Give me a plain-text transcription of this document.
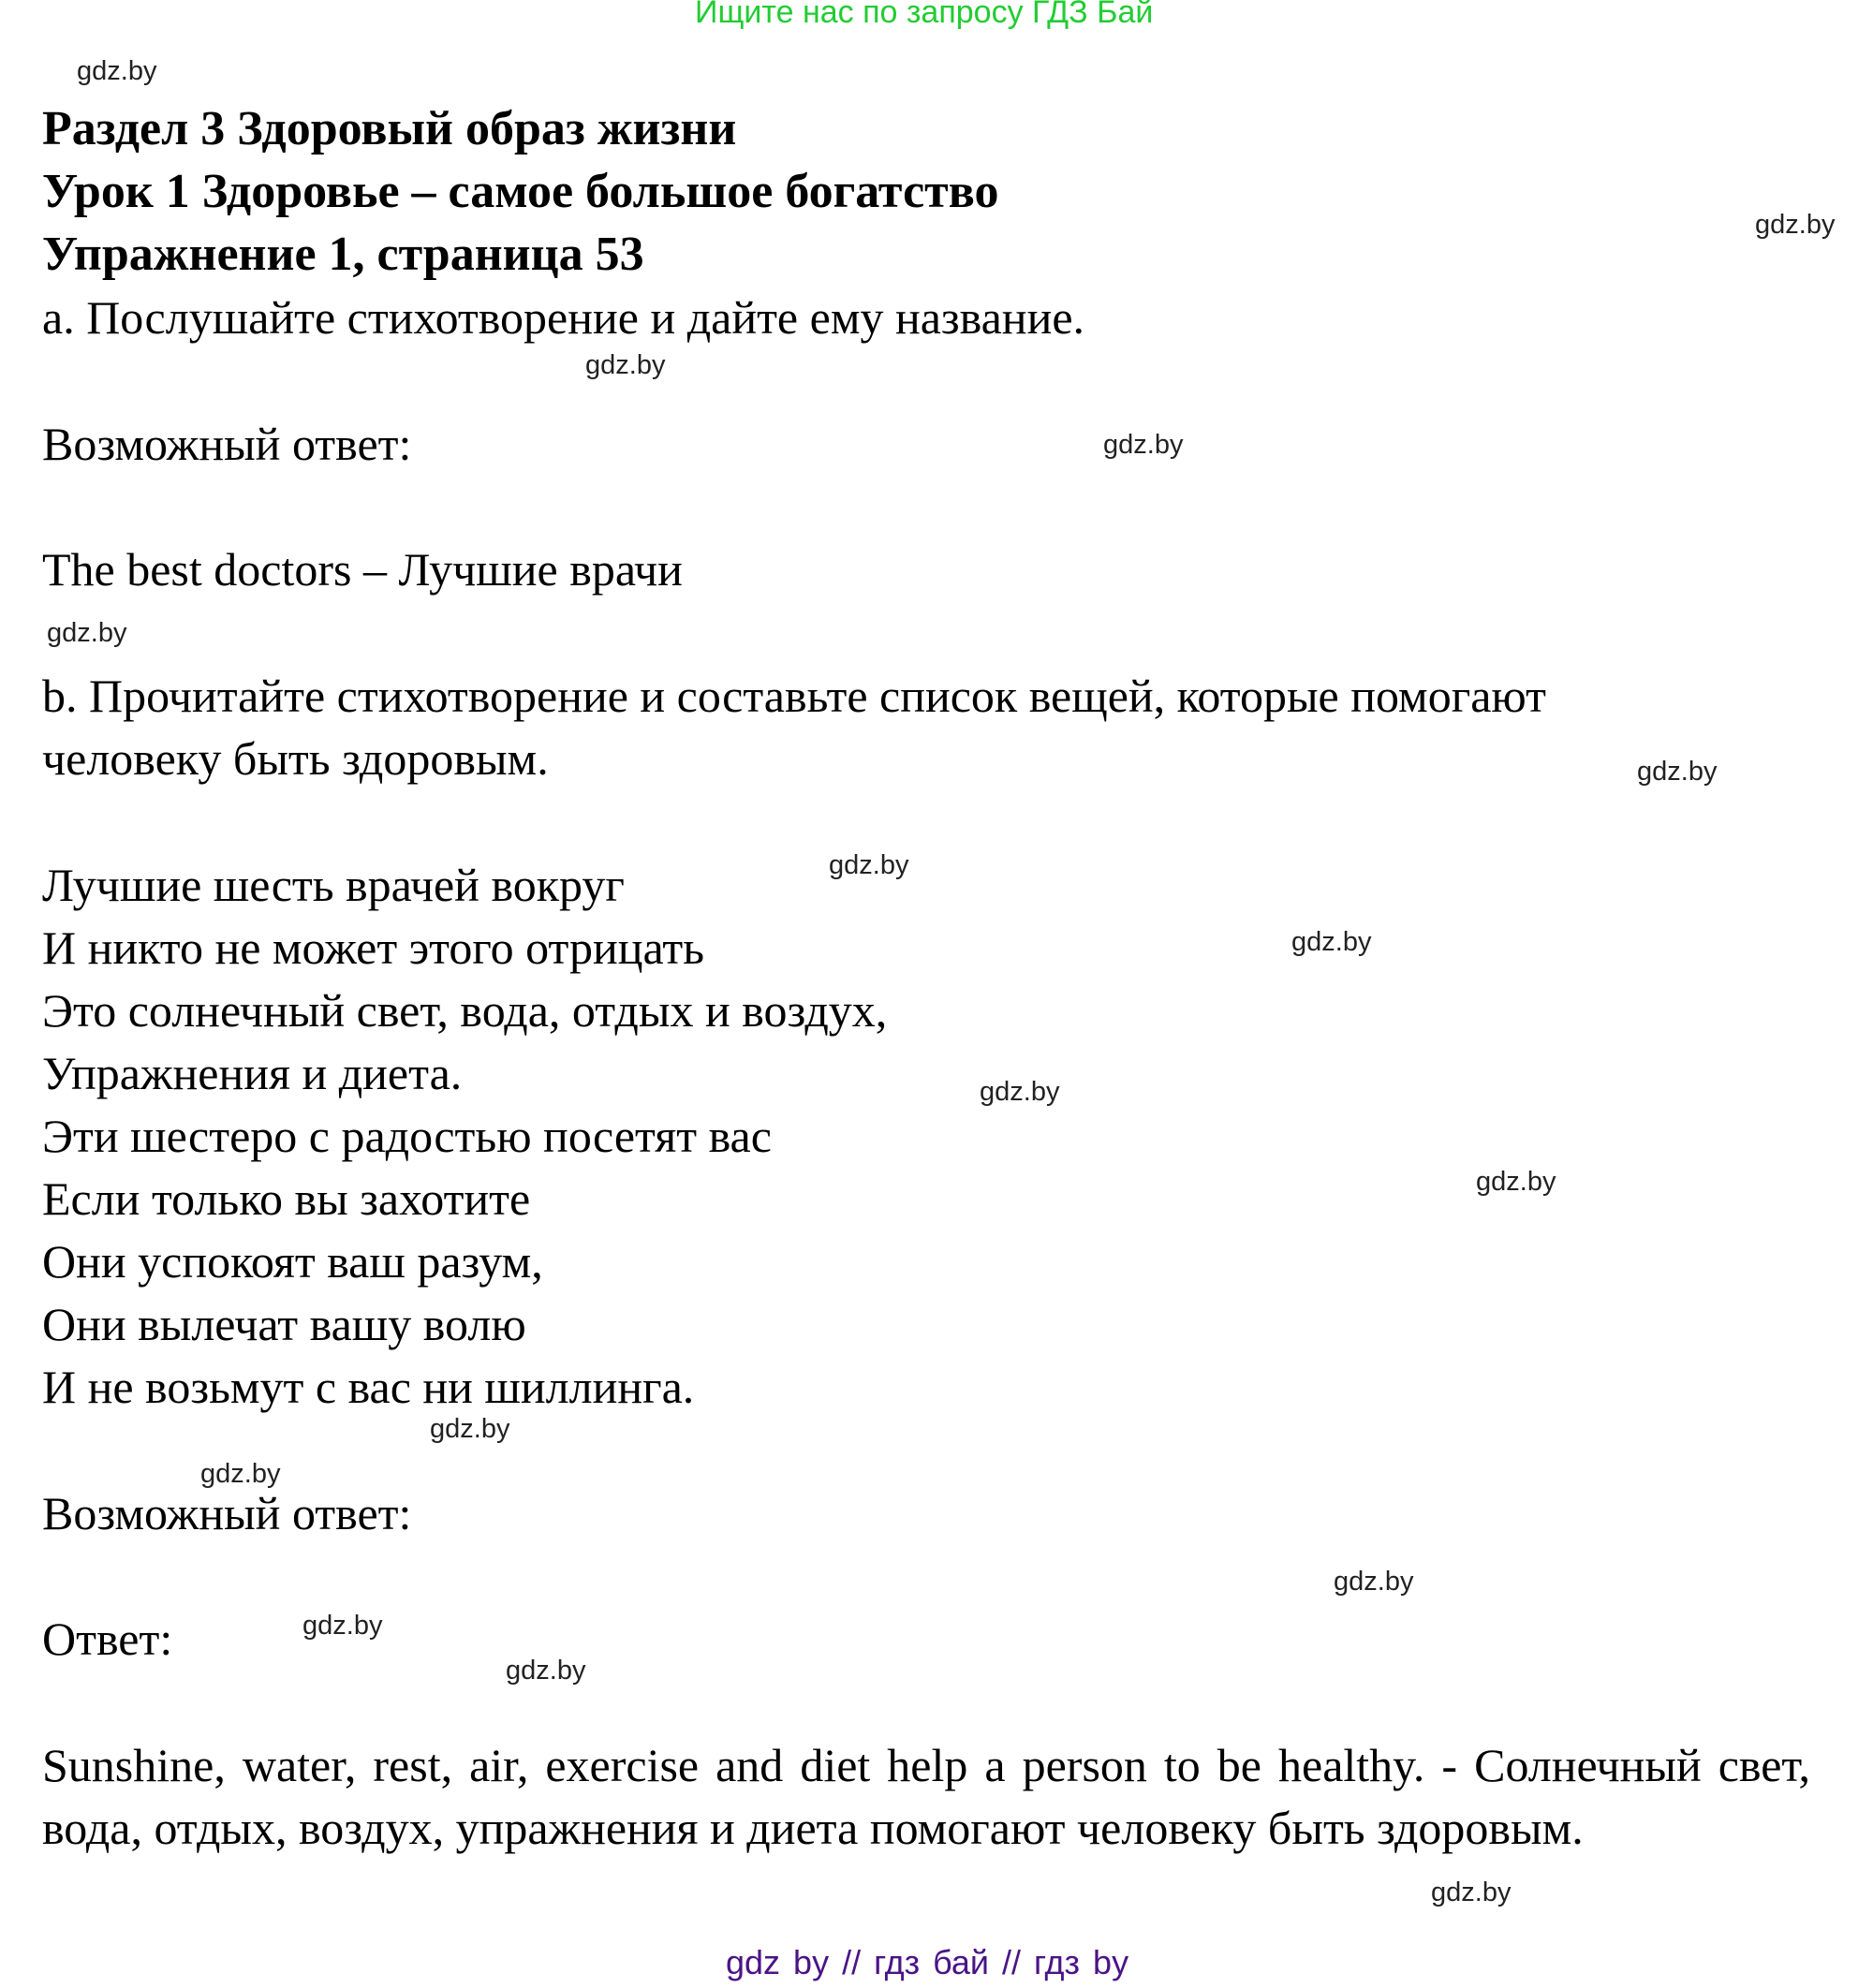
Ищите нас по запросу ГДЗ Бай
gdz.by
gdz.by
gdz.by
gdz.by
gdz.by
gdz.by
gdz.by
gdz.by
gdz.by
gdz.by
gdz.by
gdz.by
gdz.by
gdz.by
gdz.by
gdz.by
Раздел 3 Здоровый образ жизни
Урок 1 Здоровье – самое большое богатство
Упражнение 1, страница 53
a. Послушайте стихотворение и дайте ему название.
Возможный ответ:
The best doctors – Лучшие врачи
b. Прочитайте стихотворение и составьте список вещей, которые помогают
человеку быть здоровым.
Лучшие шесть врачей вокруг
И никто не может этого отрицать
Это солнечный свет, вода, отдых и воздух,
Упражнения и диета.
Эти шестеро с радостью посетят вас
Если только вы захотите
Они успокоят ваш разум,
Они вылечат вашу волю
И не возьмут с вас ни шиллинга.
Возможный ответ:
Ответ:
Sunshine, water, rest, air, exercise and diet help a person to be healthy. - Солнечный свет, вода, отдых, воздух, упражнения и диета помогают человеку быть здоровым.
gdz by // гдз бай // гдз by
